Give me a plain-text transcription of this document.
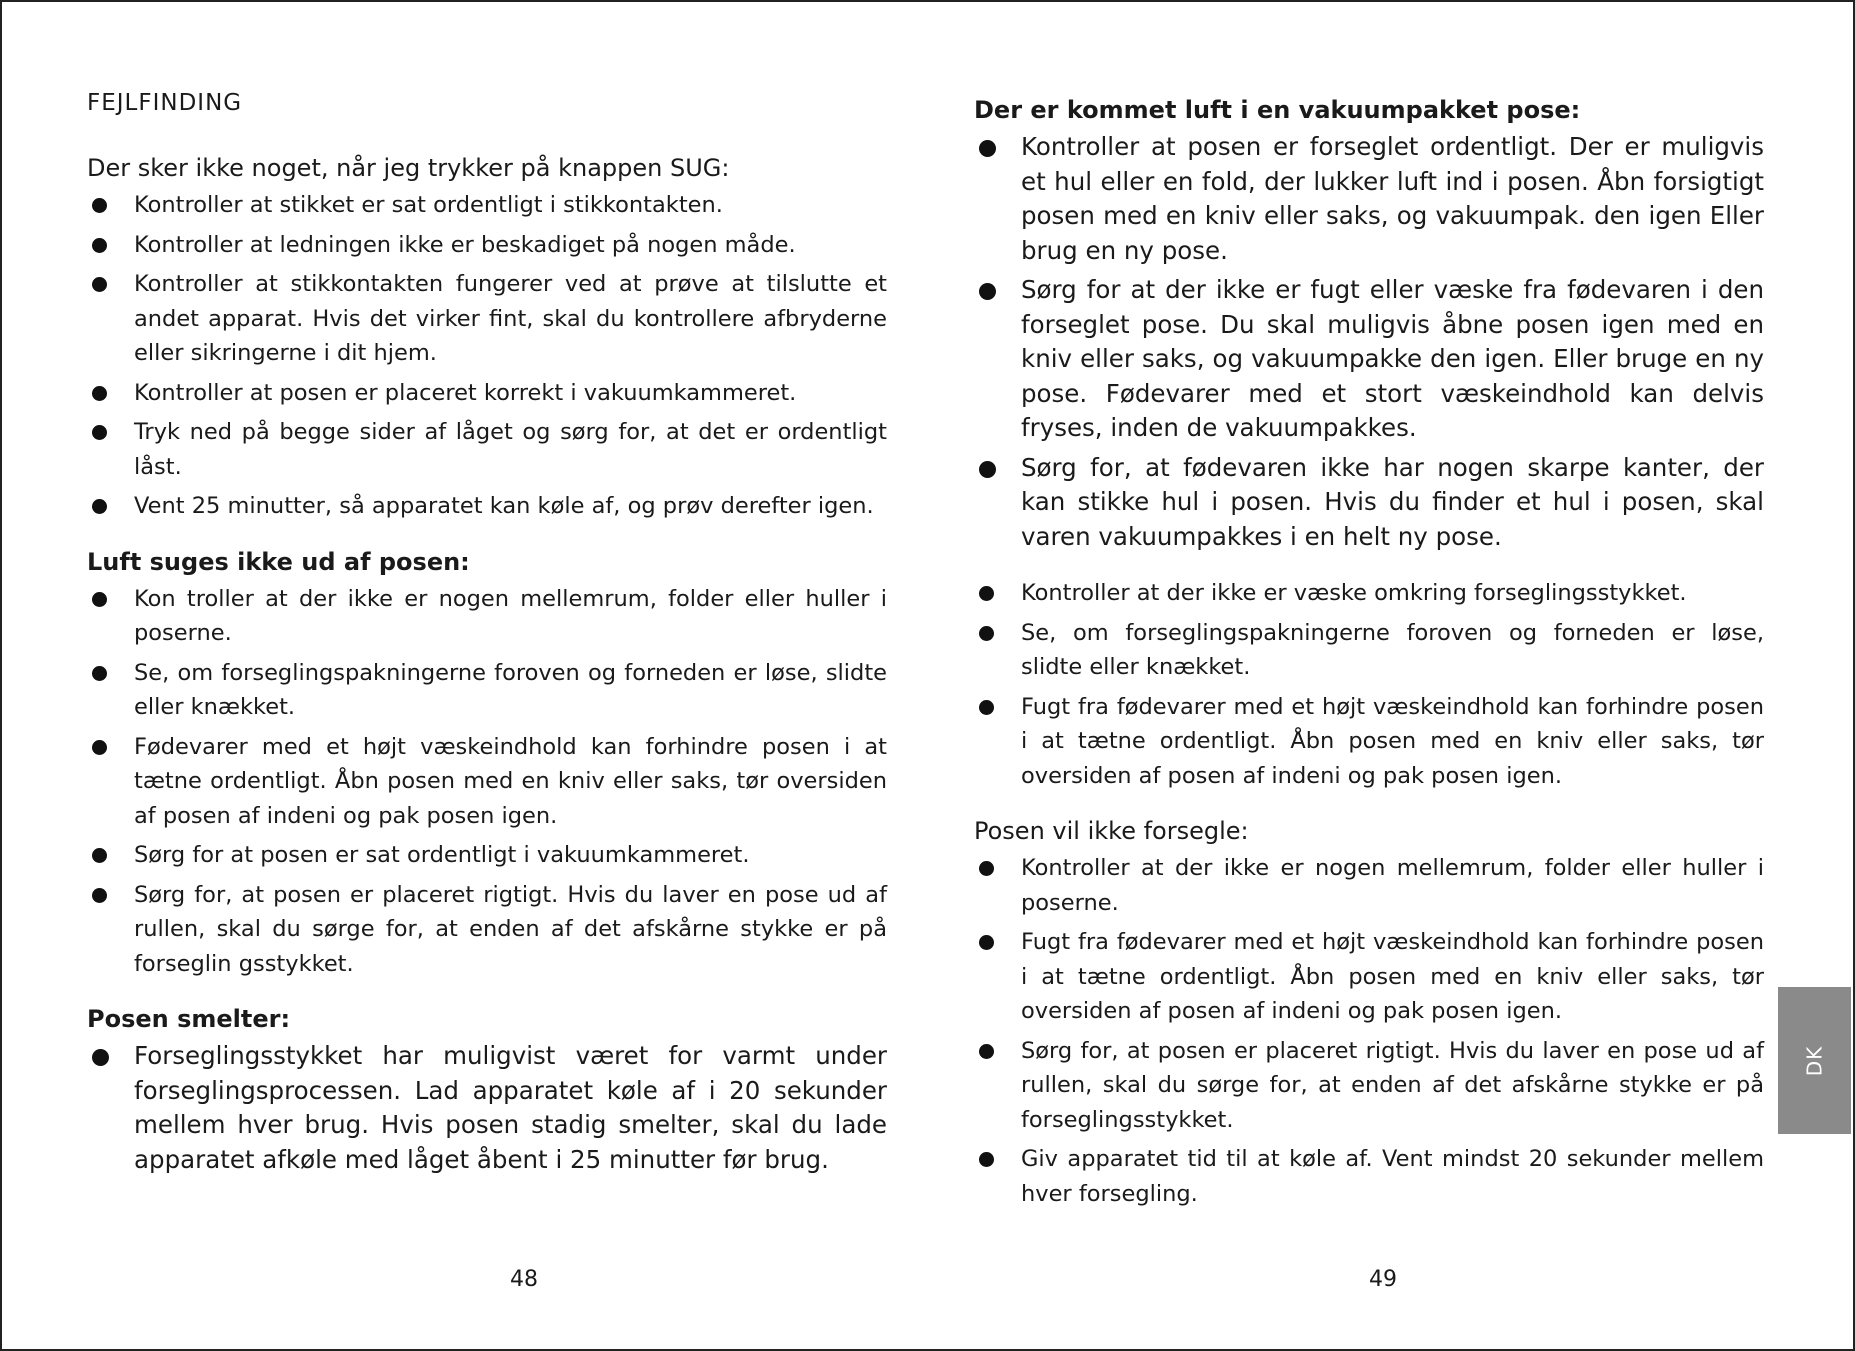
FEJLFINDING
Der sker ikke noget, når jeg trykker på knappen SUG:
Kontroller at stikket er sat ordentligt i stikkontakten.
Kontroller at ledningen ikke er beskadiget på nogen måde.
Kontroller at stikkontakten fungerer ved at prøve at tilslutte et andet apparat. Hvis det virker fint, skal du kontrollere afbryderne eller sikringerne i dit hjem.
Kontroller at posen er placeret korrekt i vakuumkammeret.
Tryk ned på begge sider af låget og sørg for, at det er ordentligt låst.
Vent 25 minutter, så apparatet kan køle af, og prøv derefter igen.
Luft suges ikke ud af posen:
Kon troller at der ikke er nogen mellemrum, folder eller huller i poserne.
Se, om forseglingspakningerne foroven og forneden er løse, slidte eller knækket.
Fødevarer med et højt væskeindhold kan forhindre posen i at tætne ordentligt. Åbn posen med en kniv eller saks, tør oversiden af posen af indeni og pak posen igen.
Sørg for at posen er sat ordentligt i vakuumkammeret.
Sørg for, at posen er placeret rigtigt. Hvis du laver en pose ud af rullen, skal du sørge for, at enden af det afskårne stykke er på forseglin gsstykket.
Posen smelter:
Forseglingsstykket har muligvist været for varmt under forseglingsprocessen. Lad apparatet køle af i 20 sekunder mellem hver brug. Hvis posen stadig smelter, skal du lade apparatet afkøle med låget åbent i 25 minutter før brug.
48
Der er kommet luft i en vakuumpakket pose:
Kontroller at posen er forseglet ordentligt. Der er muligvis et hul eller en fold, der lukker luft ind i posen. Åbn forsigtigt posen med en kniv eller saks, og vakuumpak. den igen Eller brug en ny pose.
Sørg for at der ikke er fugt eller væske fra fødevaren i den forseglet pose. Du skal muligvis åbne posen igen med en kniv eller saks, og vakuumpakke den igen. Eller bruge en ny pose. Fødevarer med et stort væskeindhold kan delvis fryses, inden de vakuumpakkes.
Sørg for, at fødevaren ikke har nogen skarpe kanter, der kan stikke hul i posen. Hvis du finder et hul i posen, skal varen vakuumpakkes i en helt ny pose.
Kontroller at der ikke er væske omkring forseglingsstykket.
Se, om forseglingspakningerne foroven og forneden er løse, slidte eller knækket.
Fugt fra fødevarer med et højt væskeindhold kan forhindre posen i at tætne ordentligt. Åbn posen med en kniv eller saks, tør oversiden af posen af indeni og pak posen igen.
Posen vil ikke forsegle:
Kontroller at der ikke er nogen mellemrum, folder eller huller i poserne.
Fugt fra fødevarer med et højt væskeindhold kan forhindre posen i at tætne ordentligt. Åbn posen med en kniv eller saks, tør oversiden af posen af indeni og pak posen igen.
Sørg for, at posen er placeret rigtigt. Hvis du laver en pose ud af rullen, skal du sørge for, at enden af det afskårne stykke er på forseglingsstykket.
Giv apparatet tid til at køle af. Vent mindst 20 sekunder mellem hver forsegling.
49
DK
